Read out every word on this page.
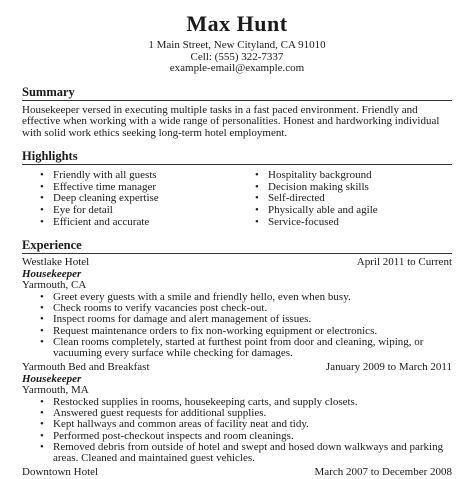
Max Hunt
1 Main Street, New Cityland, CA 91010
Cell: (555) 322-7337
example-email@example.com
Summary
Housekeeper versed in executing multiple tasks in a fast paced environment. Friendly and effective when working with a wide range of personalities. Honest and hardworking individual with solid work ethics seeking long-term hotel employment.
Highlights
• Friendly with all guests
• Effective time manager
• Deep cleaning expertise
• Eye for detail
• Efficient and accurate
• Hospitality background
• Decision making skills
• Self-directed
• Physically able and agile
• Service-focused
Experience
Westlake Hotel	April 2011 to Current
Housekeeper
Yarmouth, CA
• Greet every guests with a smile and friendly hello, even when busy.
• Check rooms to verify vacancies post check-out.
• Inspect rooms for damage and alert management of issues.
• Request maintenance orders to fix non-working equipment or electronics.
• Clean rooms completely, started at furthest point from door and cleaning, wiping, or vacuuming every surface while checking for damages.
Yarmouth Bed and Breakfast	January 2009 to March 2011
Housekeeper
Yarmouth, MA
• Restocked supplies in rooms, housekeeping carts, and supply closets.
• Answered guest requests for additional supplies.
• Kept hallways and common areas of facility neat and tidy.
• Performed post-checkout inspects and room cleanings.
• Removed debris from outside of hotel and swept and hosed down walkways and parking areas. Cleaned and maintained guest vehicles.
Downtown Hotel	March 2007 to December 2008
